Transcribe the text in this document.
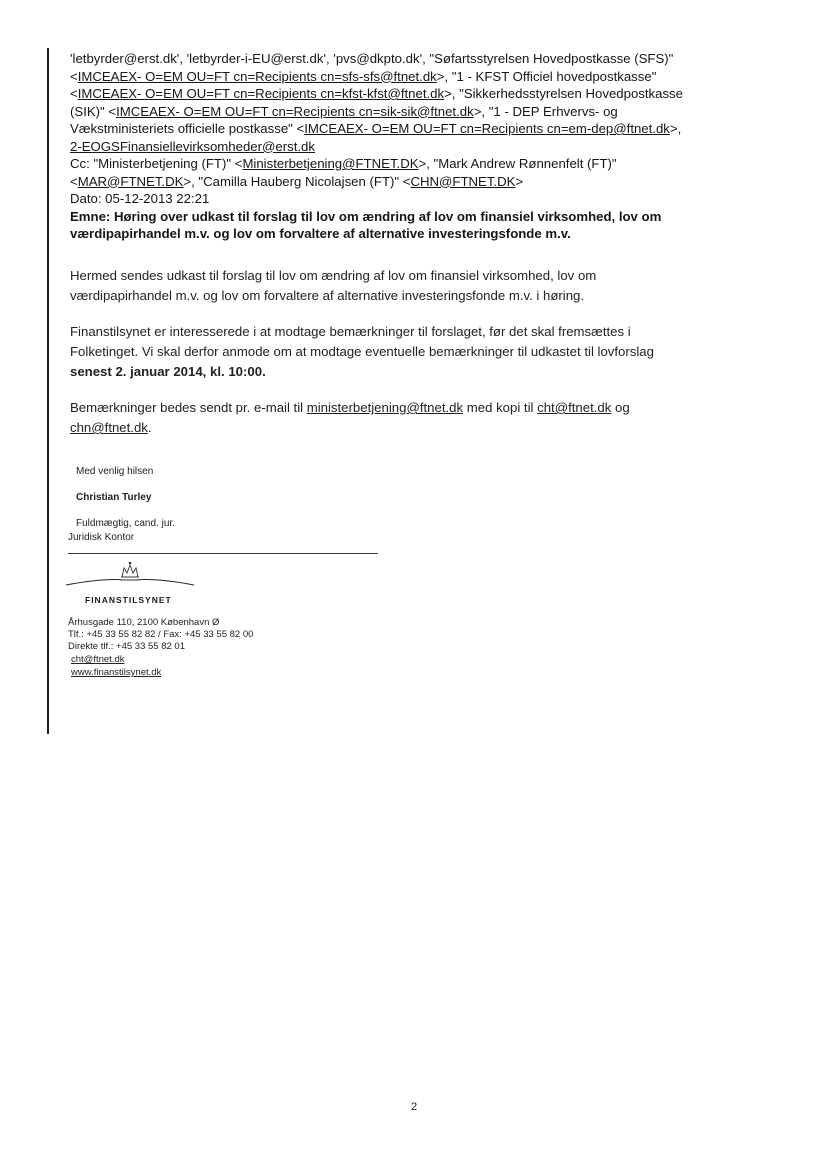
'letbyrder@erst.dk', 'letbyrder-i-EU@erst.dk', 'pvs@dkpto.dk', "Søfartsstyrelsen Hovedpostkasse (SFS)"
<IMCEAEX- O=EM OU=FT cn=Recipients cn=sfs-sfs@ftnet.dk>, "1 - KFST Officiel hovedpostkasse"
<IMCEAEX- O=EM OU=FT cn=Recipients cn=kfst-kfst@ftnet.dk>, "Sikkerhedsstyrelsen Hovedpostkasse
(SIK)" <IMCEAEX- O=EM OU=FT cn=Recipients cn=sik-sik@ftnet.dk>, "1 - DEP Erhvervs- og
Vækstministeriets officielle postkasse" <IMCEAEX- O=EM OU=FT cn=Recipients cn=em-dep@ftnet.dk>,
2-EOGSFinansiellevirksomheder@erst.dk
Cc: "Ministerbetjening (FT)" <Ministerbetjening@FTNET.DK>, "Mark Andrew Rønnenfelt (FT)"
<MAR@FTNET.DK>, "Camilla Hauberg Nicolajsen (FT)" <CHN@FTNET.DK>
Dato: 05-12-2013 22:21
Emne: Høring over udkast til forslag til lov om ændring af lov om finansiel virksomhed, lov om
værdipapirhandel m.v. og lov om forvaltere af alternative investeringsfonde m.v.
Hermed sendes udkast til forslag til lov om ændring af lov om finansiel virksomhed, lov om
værdipapirhandel m.v. og lov om forvaltere af alternative investeringsfonde m.v. i høring.
Finanstilsynet er interesserede i at modtage bemærkninger til forslaget, før det skal fremsættes i
Folketinget. Vi skal derfor anmode om at modtage eventuelle bemærkninger til udkastet til lovforslag
senest 2. januar 2014, kl. 10:00.
Bemærkninger bedes sendt pr. e-mail til ministerbetjening@ftnet.dk med kopi til cht@ftnet.dk og
chn@ftnet.dk.
Med venlig hilsen
Christian Turley
Fuldmægtig, cand. jur.
Juridisk Kontor
FINANSTILSYNET
Århusgade 110, 2100 København Ø
Tlf.: +45 33 55 82 82 / Fax: +45 33 55 82 00
Direkte tlf.: +45 33 55 82 01
cht@ftnet.dk
www.finanstilsynet.dk
2
